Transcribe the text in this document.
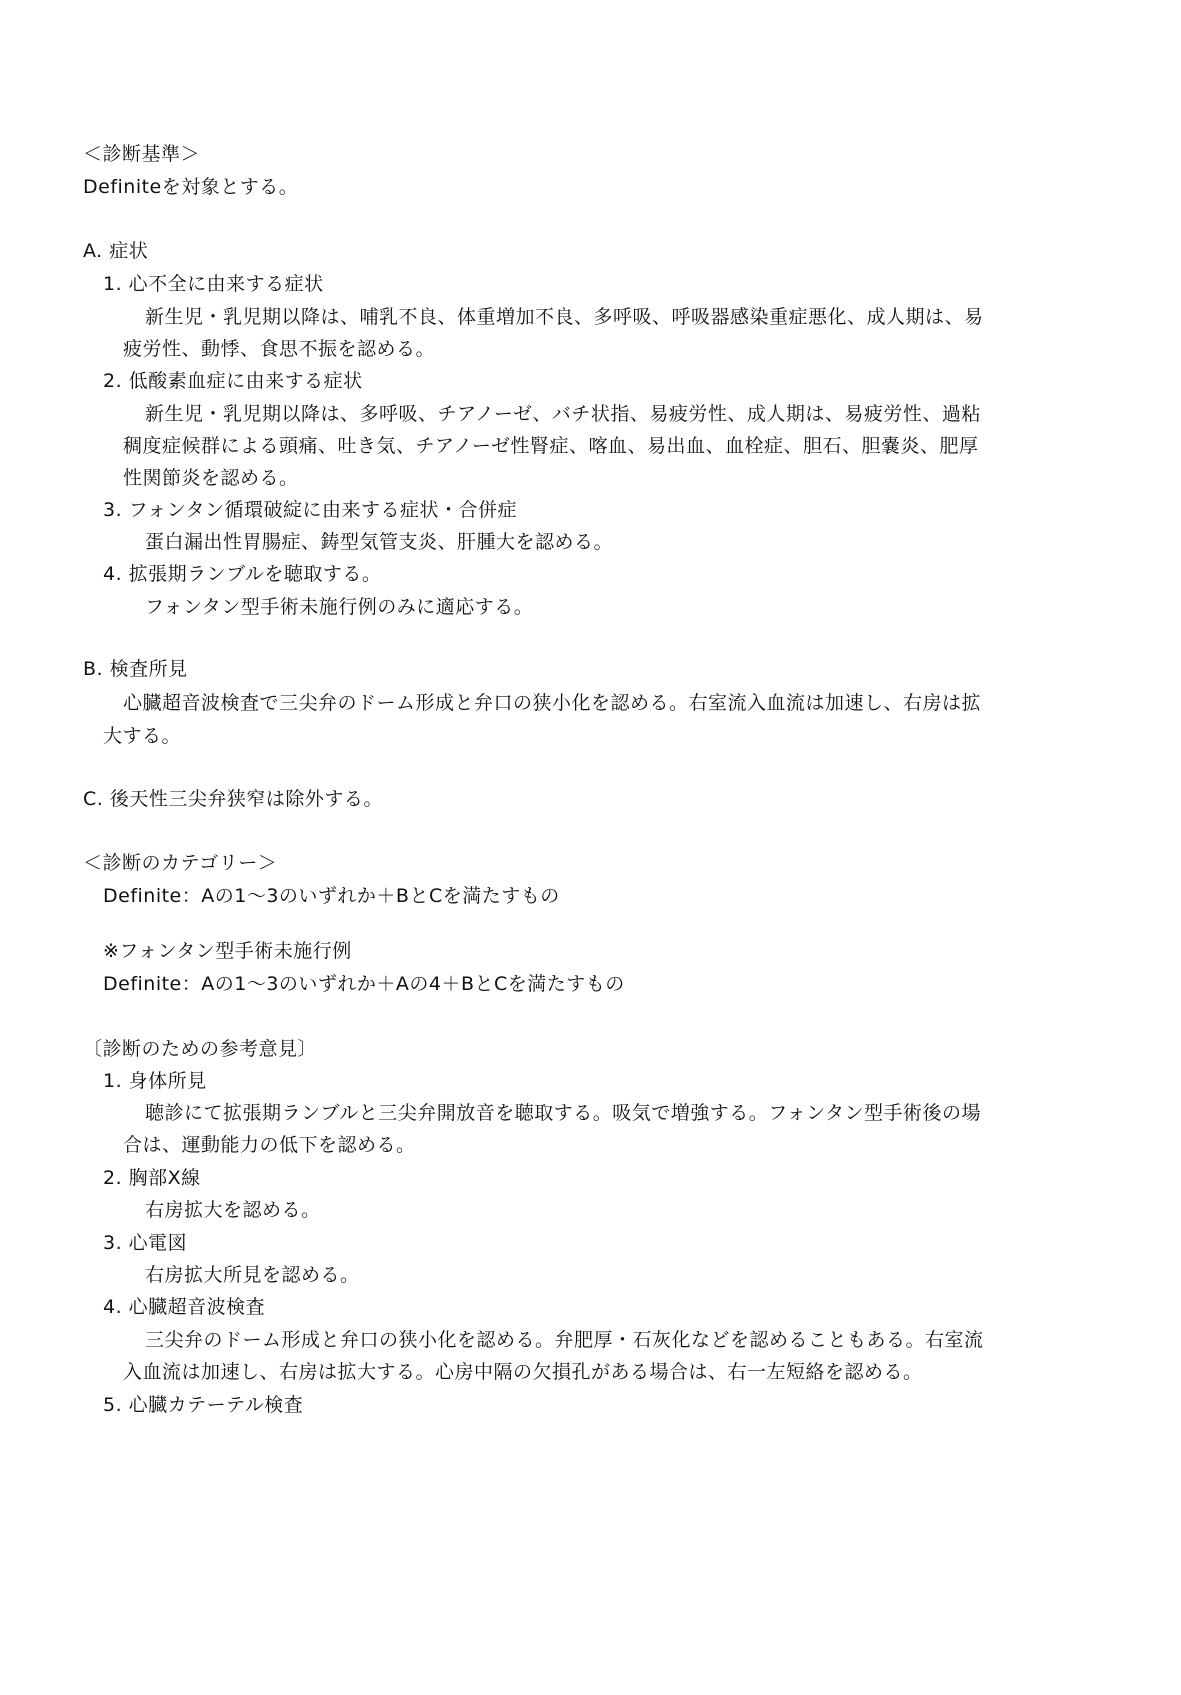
＜診断基準＞
Definiteを対象とする。
A. 症状
1. 心不全に由来する症状
新生児・乳児期以降は、哺乳不良、体重増加不良、多呼吸、呼吸器感染重症悪化、成人期は、易
疲労性、動悸、食思不振を認める。
2. 低酸素血症に由来する症状
新生児・乳児期以降は、多呼吸、チアノーゼ、バチ状指、易疲労性、成人期は、易疲労性、過粘
稠度症候群による頭痛、吐き気、チアノーゼ性腎症、喀血、易出血、血栓症、胆石、胆嚢炎、肥厚
性関節炎を認める。
3. フォンタン循環破綻に由来する症状・合併症
蛋白漏出性胃腸症、鋳型気管支炎、肝腫大を認める。
4. 拡張期ランブルを聴取する。
フォンタン型手術未施行例のみに適応する。
B. 検査所見
心臓超音波検査で三尖弁のドーム形成と弁口の狭小化を認める。右室流入血流は加速し、右房は拡
大する。
C. 後天性三尖弁狭窄は除外する。
＜診断のカテゴリー＞
Definite：Aの1～3のいずれか＋BとCを満たすもの
※フォンタン型手術未施行例
Definite：Aの1～3のいずれか＋Aの4＋BとCを満たすもの
〔診断のための参考意見〕
1. 身体所見
聴診にて拡張期ランブルと三尖弁開放音を聴取する。吸気で増強する。フォンタン型手術後の場
合は、運動能力の低下を認める。
2. 胸部X線
右房拡大を認める。
3. 心電図
右房拡大所見を認める。
4. 心臓超音波検査
三尖弁のドーム形成と弁口の狭小化を認める。弁肥厚・石灰化などを認めることもある。右室流
入血流は加速し、右房は拡大する。心房中隔の欠損孔がある場合は、右一左短絡を認める。
5. 心臓カテーテル検査
